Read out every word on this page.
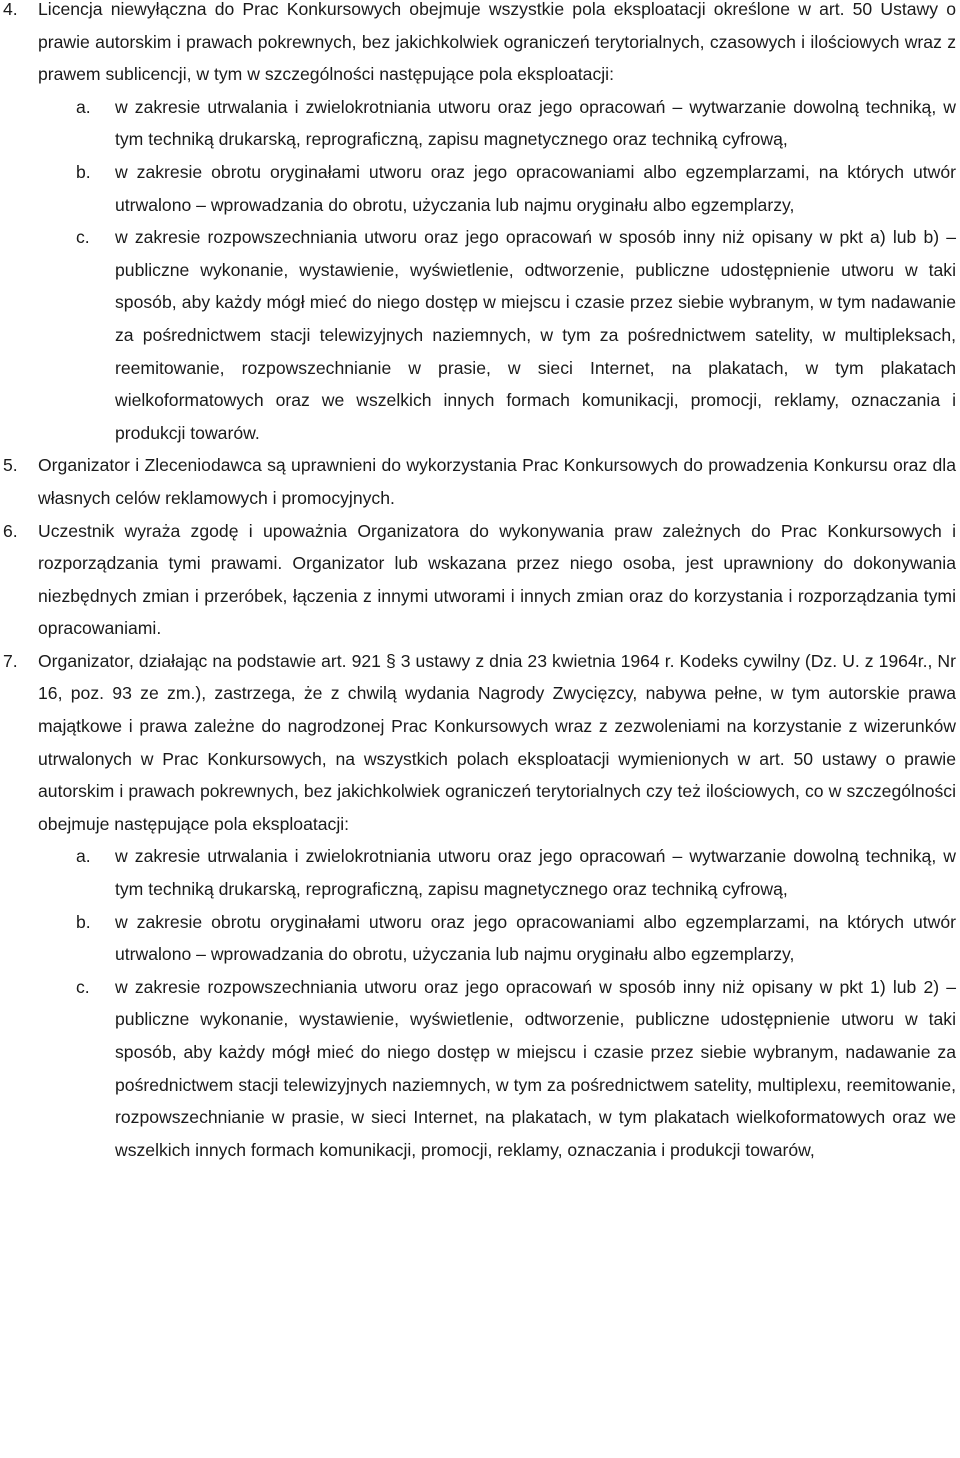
4. Licencja niewyłączna do Prac Konkursowych obejmuje wszystkie pola eksploatacji określone w art. 50 Ustawy o prawie autorskim i prawach pokrewnych, bez jakichkolwiek ograniczeń terytorialnych, czasowych i ilościowych wraz z prawem sublicencji, w tym w szczególności następujące pola eksploatacji:

a. w zakresie utrwalania i zwielokrotniania utworu oraz jego opracowań – wytwarzanie dowolną techniką, w tym techniką drukarską, reprograficzną, zapisu magnetycznego oraz techniką cyfrową,

b. w zakresie obrotu oryginałami utworu oraz jego opracowaniami albo egzemplarzami, na których utwór utrwalono – wprowadzania do obrotu, użyczania lub najmu oryginału albo egzemplarzy,

c. w zakresie rozpowszechniania utworu oraz jego opracowań w sposób inny niż opisany w pkt a) lub b) – publiczne wykonanie, wystawienie, wyświetlenie, odtworzenie, publiczne udostępnienie utworu w taki sposób, aby każdy mógł mieć do niego dostęp w miejscu i czasie przez siebie wybranym, w tym nadawanie za pośrednictwem stacji telewizyjnych naziemnych, w tym za pośrednictwem satelity, w multipleksach, reemitowanie, rozpowszechnianie w prasie, w sieci Internet, na plakatach, w tym plakatach wielkoformatowych oraz we wszelkich innych formach komunikacji, promocji, reklamy, oznaczania i produkcji towarów.

5. Organizator i Zleceniodawca są uprawnieni do wykorzystania Prac Konkursowych do prowadzenia Konkursu oraz dla własnych celów reklamowych i promocyjnych.

6. Uczestnik wyraża zgodę i upoważnia Organizatora do wykonywania praw zależnych do Prac Konkursowych i rozporządzania tymi prawami. Organizator lub wskazana przez niego osoba, jest uprawniony do dokonywania niezbędnych zmian i przeróbek, łączenia z innymi utworami i innych zmian oraz do korzystania i rozporządzania tymi opracowaniami.

7. Organizator, działając na podstawie art. 921 § 3 ustawy z dnia 23 kwietnia 1964 r. Kodeks cywilny (Dz. U. z 1964r., Nr 16, poz. 93 ze zm.), zastrzega, że z chwilą wydania Nagrody Zwycięzcy, nabywa pełne, w tym autorskie prawa majątkowe i prawa zależne do nagrodzonej Prac Konkursowych wraz z zezwoleniami na korzystanie z wizerunków utrwalonych w Prac Konkursowych, na wszystkich polach eksploatacji wymienionych w art. 50 ustawy o prawie autorskim i prawach pokrewnych, bez jakichkolwiek ograniczeń terytorialnych czy też ilościowych, co w szczególności obejmuje następujące pola eksploatacji:

a. w zakresie utrwalania i zwielokrotniania utworu oraz jego opracowań – wytwarzanie dowolną techniką, w tym techniką drukarską, reprograficzną, zapisu magnetycznego oraz techniką cyfrową,

b. w zakresie obrotu oryginałami utworu oraz jego opracowaniami albo egzemplarzami, na których utwór utrwalono – wprowadzania do obrotu, użyczania lub najmu oryginału albo egzemplarzy,

c. w zakresie rozpowszechniania utworu oraz jego opracowań w sposób inny niż opisany w pkt 1) lub 2) – publiczne wykonanie, wystawienie, wyświetlenie, odtworzenie, publiczne udostępnienie utworu w taki sposób, aby każdy mógł mieć do niego dostęp w miejscu i czasie przez siebie wybranym, nadawanie za pośrednictwem stacji telewizyjnych naziemnych, w tym za pośrednictwem satelity, multiplexu, reemitowanie, rozpowszechnianie w prasie, w sieci Internet, na plakatach, w tym plakatach wielkoformatowych oraz we wszelkich innych formach komunikacji, promocji, reklamy, oznaczania i produkcji towarów,
